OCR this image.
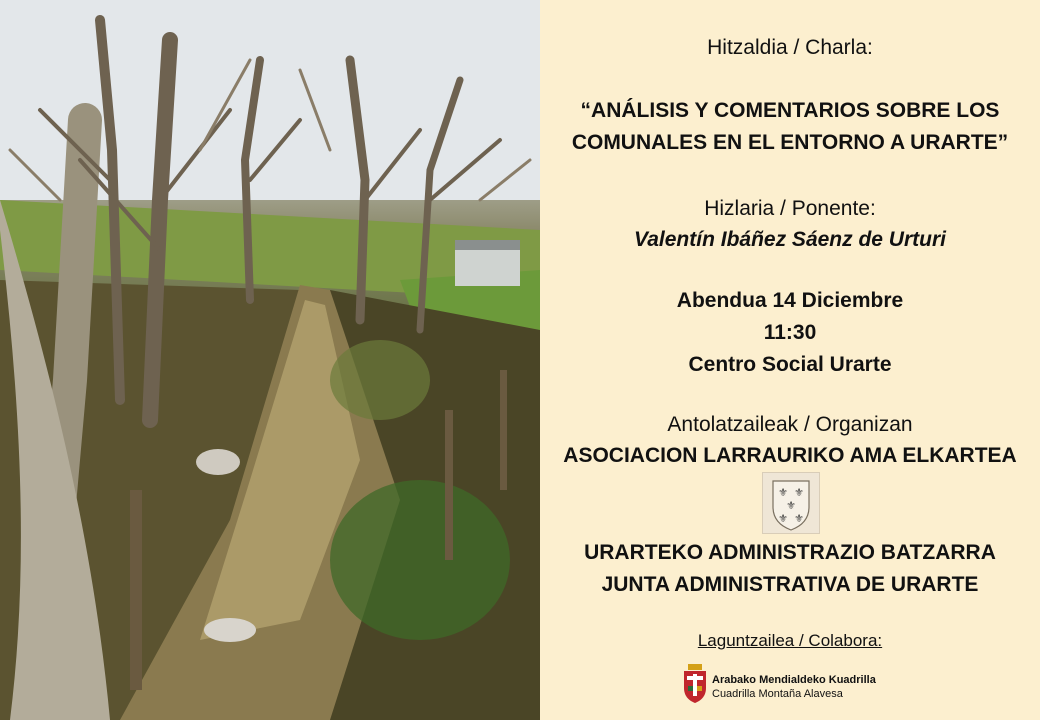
Hitzaldia / Charla:
“ANÁLISIS Y COMENTARIOS SOBRE LOS
COMUNALES EN EL ENTORNO A URARTE”
Hizlaria / Ponente:
Valentín Ibáñez Sáenz de Urturi
Abendua 14 Diciembre
11:30
Centro Social Urarte
Antolatzaileak / Organizan
ASOCIACION LARRAURIKO AMA ELKARTEA
⚜ ⚜
⚜
⚜ ⚜
URARTEKO ADMINISTRAZIO BATZARRA
JUNTA ADMINISTRATIVA DE URARTE
Laguntzailea / Colabora:
Arabako Mendialdeko Kuadrilla
Cuadrilla Montaña Alavesa
